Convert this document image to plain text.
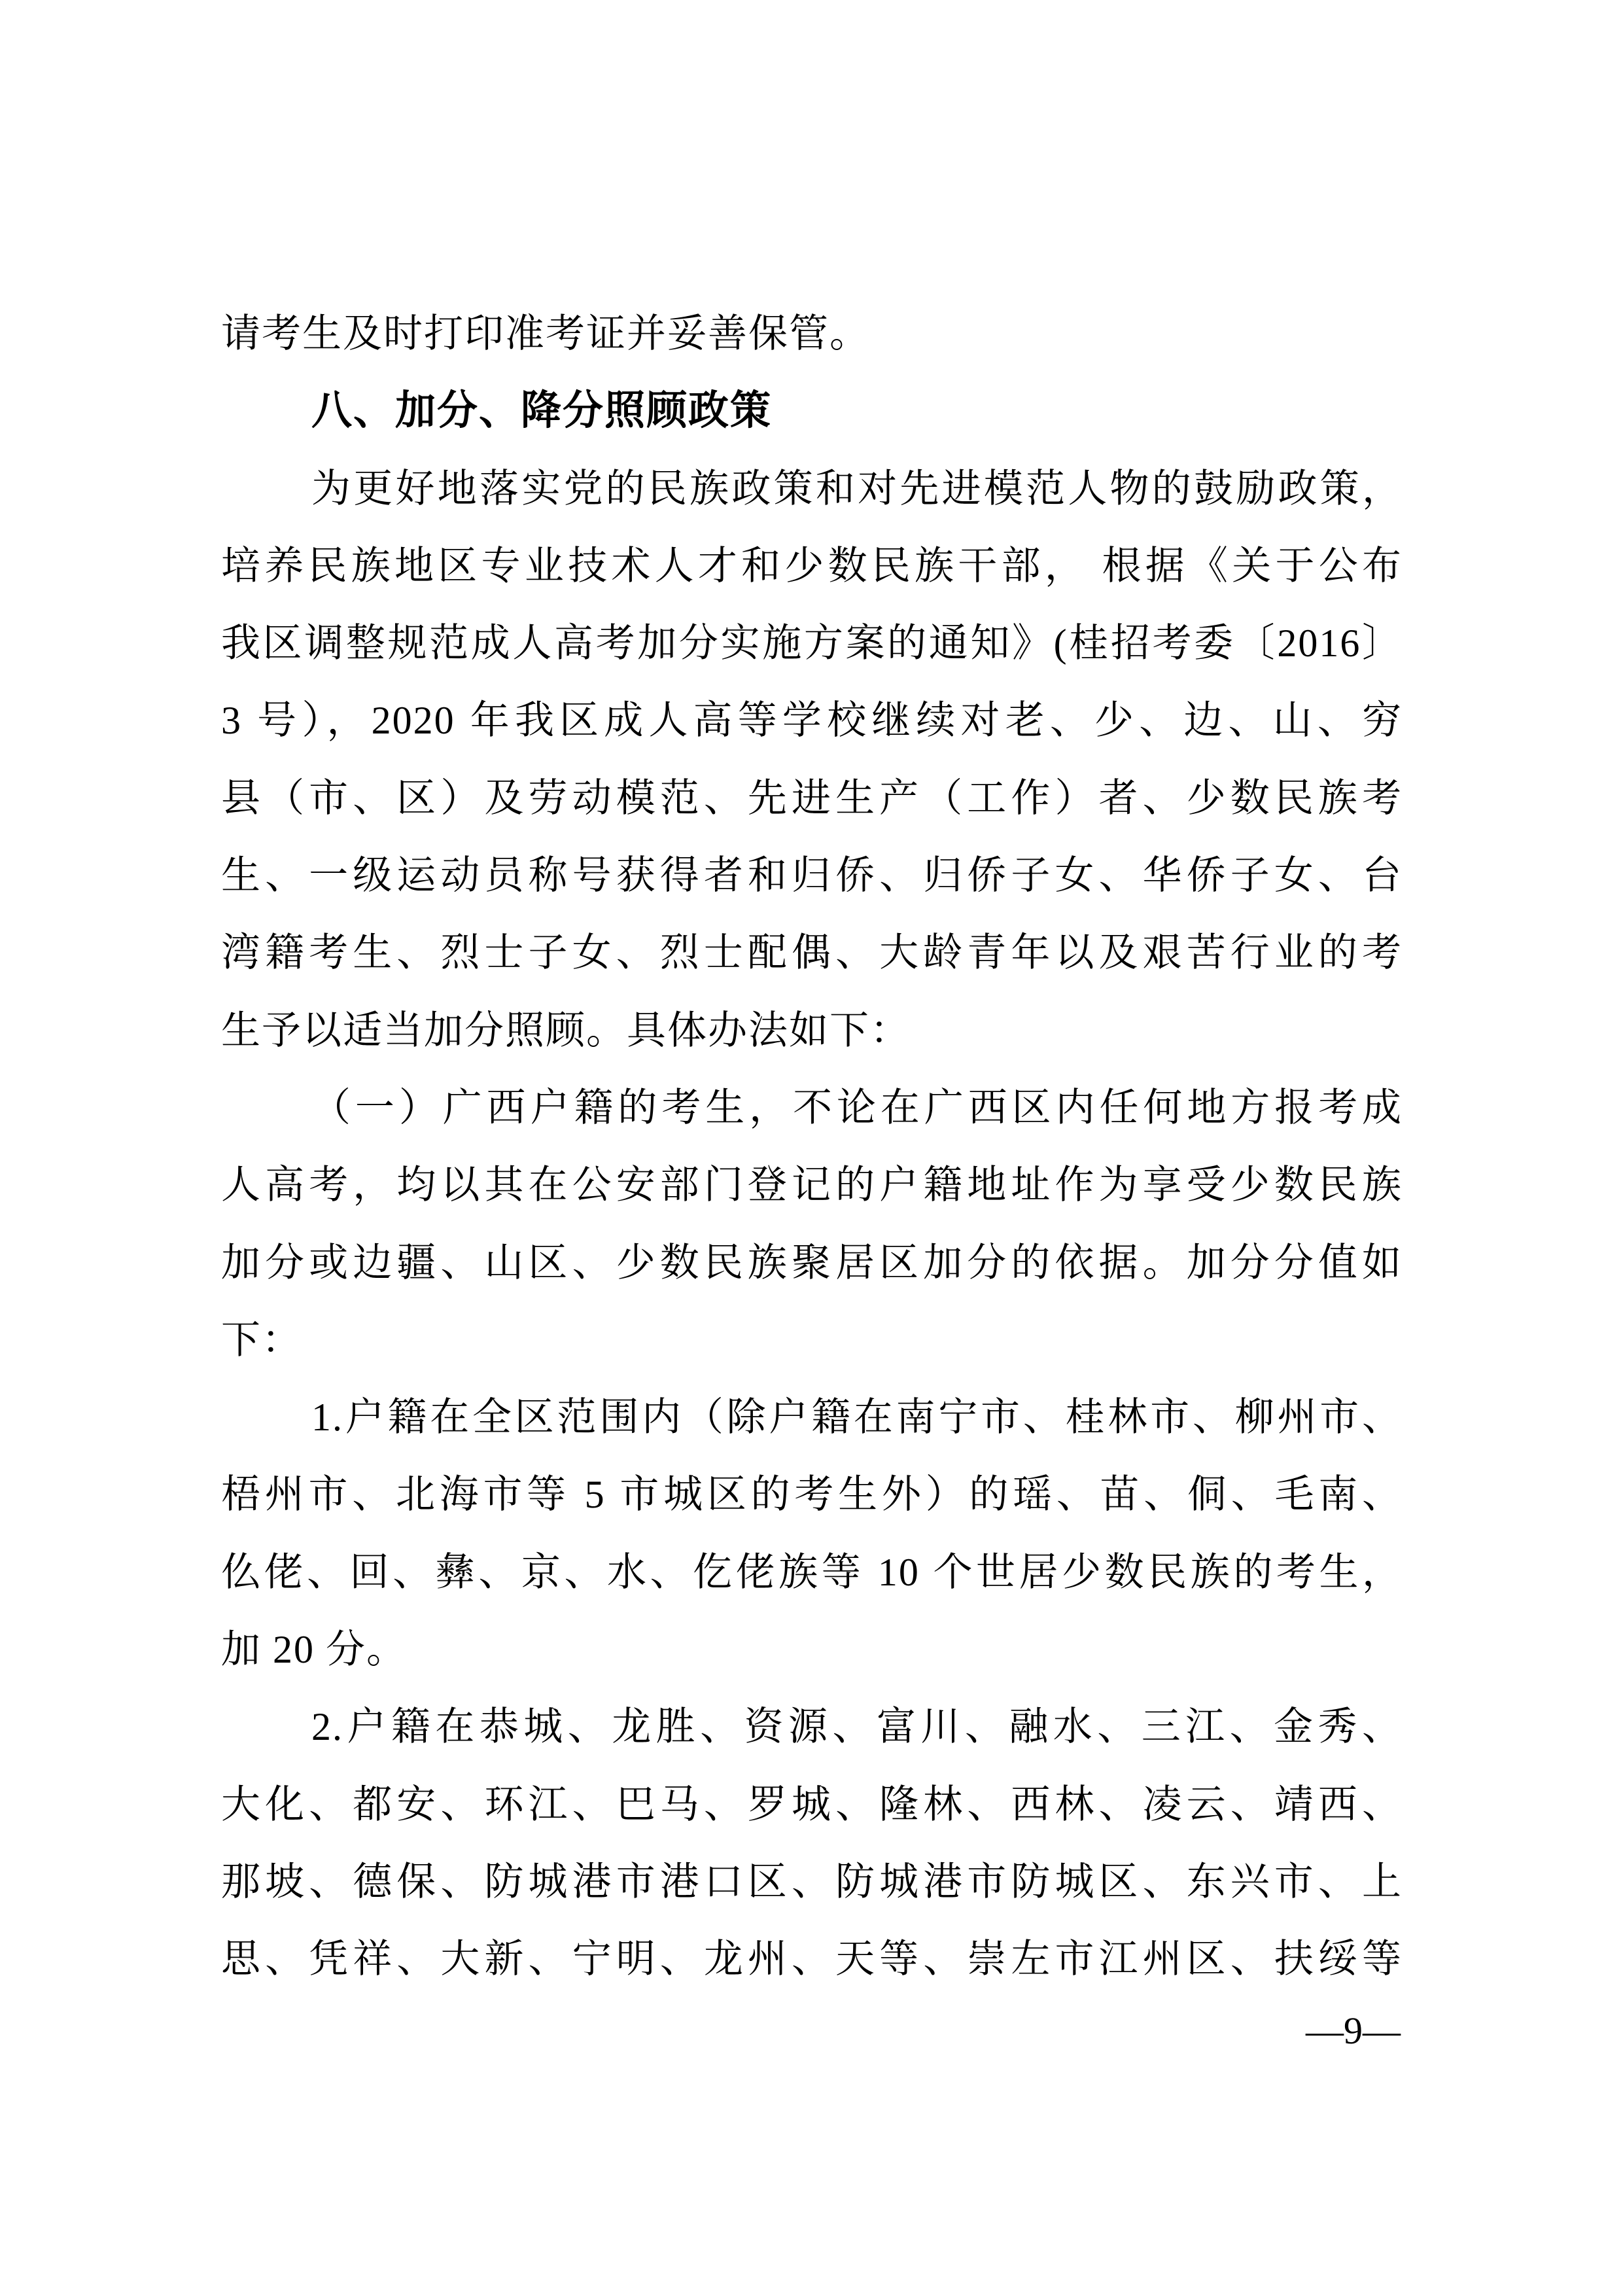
请考生及时打印准考证并妥善保管。
八、加分、降分照顾政策
为更好地落实党的民族政策和对先进模范人物的鼓励政策，
培养民族地区专业技术人才和少数民族干部， 根据《关于公布
我区调整规范成人高考加分实施方案的通知》(桂招考委〔2016〕
3 号），2020 年我区成人高等学校继续对老、少、边、山、穷
县（市、区）及劳动模范、先进生产（工作）者、少数民族考
生、一级运动员称号获得者和归侨、归侨子女、华侨子女、台
湾籍考生、烈士子女、烈士配偶、大龄青年以及艰苦行业的考
生予以适当加分照顾。具体办法如下：
（一）广西户籍的考生，不论在广西区内任何地方报考成
人高考，均以其在公安部门登记的户籍地址作为享受少数民族
加分或边疆、山区、少数民族聚居区加分的依据。加分分值如
下：
1.户籍在全区范围内（除户籍在南宁市、桂林市、柳州市、
梧州市、北海市等 5 市城区的考生外）的瑶、苗、侗、毛南、
仫佬、回、彝、京、水、仡佬族等 10 个世居少数民族的考生，
加 20 分。
2.户籍在恭城、龙胜、资源、富川、融水、三江、金秀、
大化、都安、环江、巴马、罗城、隆林、西林、凌云、靖西、
那坡、德保、防城港市港口区、防城港市防城区、东兴市、上
思、凭祥、大新、宁明、龙州、天等、崇左市江州区、扶绥等
—9—
